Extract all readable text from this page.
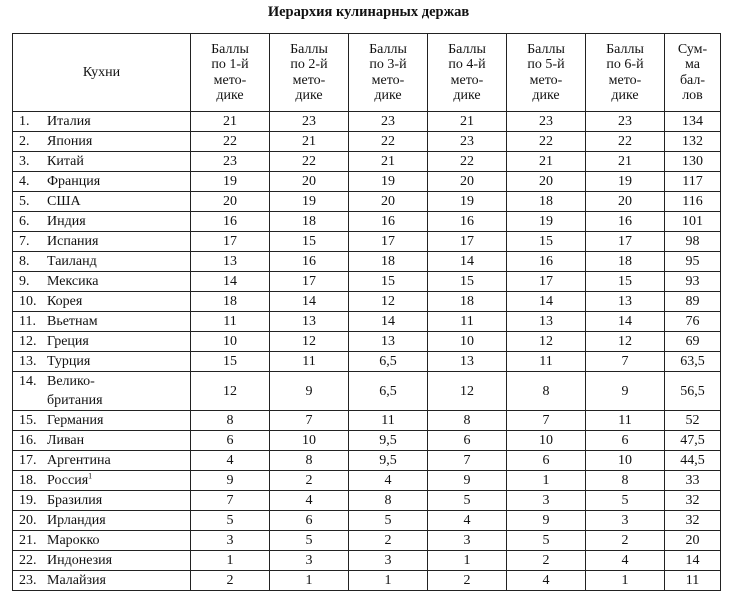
Иерархия кулинарных держав
Кухни	Баллы
по 1-й
мето-
дике	Баллы
по 2-й
мето-
дике	Баллы
по 3-й
мето-
дике	Баллы
по 4-й
мето-
дике	Баллы
по 5-й
мето-
дике	Баллы
по 6-й
мето-
дике	Сум-
ма
бал-
лов

1. Италия	21	23	23	21	23	23	134
2. Япония	22	21	22	23	22	22	132
3. Китай	23	22	21	22	21	21	130
4. Франция	19	20	19	20	20	19	117
5. США	20	19	20	19	18	20	116
6. Индия	16	18	16	16	19	16	101
7. Испания	17	15	17	17	15	17	98
8. Таиланд	13	16	18	14	16	18	95
9. Мексика	14	17	15	15	17	15	93
10. Корея	18	14	12	18	14	13	89
11. Вьетнам	11	13	14	11	13	14	76
12. Греция	10	12	13	10	12	12	69
13. Турция	15	11	6,5	13	11	7	63,5
14. Велико-
британия	12	9	6,5	12	8	9	56,5
15. Германия	8	7	11	8	7	11	52
16. Ливан	6	10	9,5	6	10	6	47,5
17. Аргентина	4	8	9,5	7	6	10	44,5
18. Россия$^1$	9	2	4	9	1	8	33
19. Бразилия	7	4	8	5	3	5	32
20. Ирландия	5	6	5	4	9	3	32
21. Марокко	3	5	2	3	5	2	20
22. Индонезия	1	3	3	1	2	4	14
23. Малайзия	2	1	1	2	4	1	11
